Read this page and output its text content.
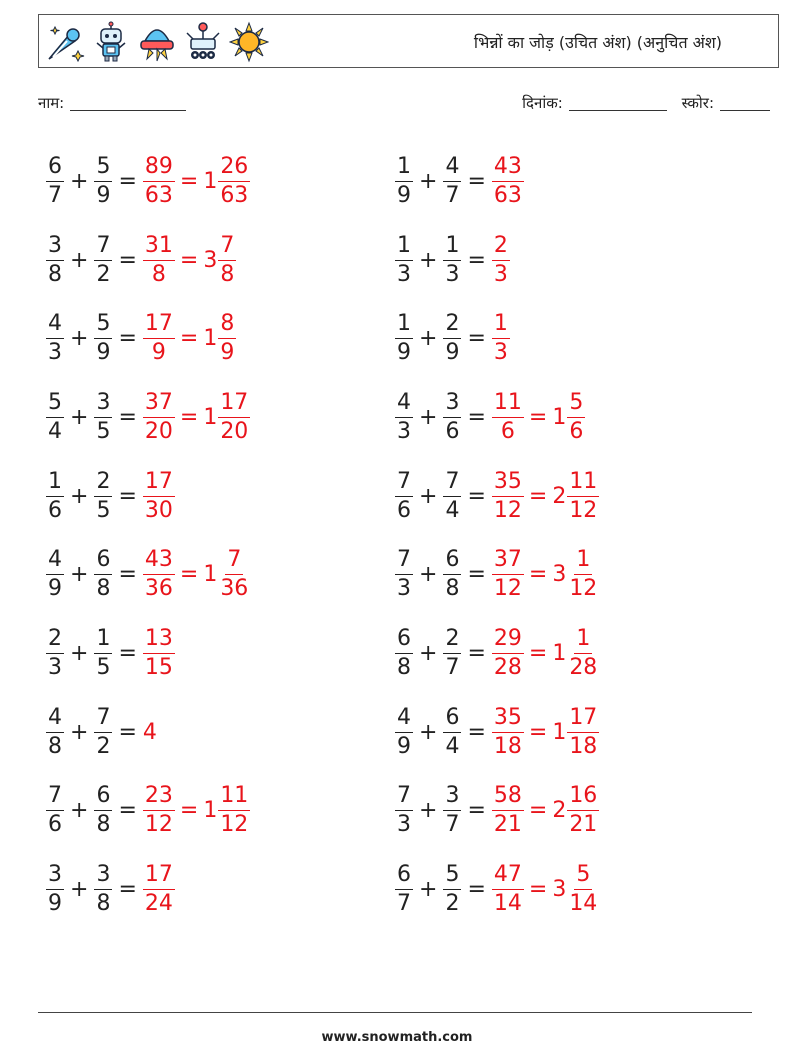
भिन्नों का जोड़ (उचित अंश) (अनुचित अंश)
नाम:	दिनांक:	स्कोर:
$\frac{6}{7} + \frac{5}{9} = \frac{89}{63} = 1 \frac{26}{63}$
$\frac{3}{8} + \frac{7}{2} = \frac{31}{8} = 3 \frac{7}{8}$
$\frac{4}{3} + \frac{5}{9} = \frac{17}{9} = 1 \frac{8}{9}$
$\frac{5}{4} + \frac{3}{5} = \frac{37}{20} = 1 \frac{17}{20}$
$\frac{1}{6} + \frac{2}{5} = \frac{17}{30}$
$\frac{4}{9} + \frac{6}{8} = \frac{43}{36} = 1 \frac{7}{36}$
$\frac{2}{3} + \frac{1}{5} = \frac{13}{15}$
$\frac{4}{8} + \frac{7}{2} = 4$
$\frac{7}{6} + \frac{6}{8} = \frac{23}{12} = 1 \frac{11}{12}$
$\frac{3}{9} + \frac{3}{8} = \frac{17}{24}$
$\frac{1}{9} + \frac{4}{7} = \frac{43}{63}$
$\frac{1}{3} + \frac{1}{3} = \frac{2}{3}$
$\frac{1}{9} + \frac{2}{9} = \frac{1}{3}$
$\frac{4}{3} + \frac{3}{6} = \frac{11}{6} = 1 \frac{5}{6}$
$\frac{7}{6} + \frac{7}{4} = \frac{35}{12} = 2 \frac{11}{12}$
$\frac{7}{3} + \frac{6}{8} = \frac{37}{12} = 3 \frac{1}{12}$
$\frac{6}{8} + \frac{2}{7} = \frac{29}{28} = 1 \frac{1}{28}$
$\frac{4}{9} + \frac{6}{4} = \frac{35}{18} = 1 \frac{17}{18}$
$\frac{7}{3} + \frac{3}{7} = \frac{58}{21} = 2 \frac{16}{21}$
$\frac{6}{7} + \frac{5}{2} = \frac{47}{14} = 3 \frac{5}{14}$
www.snowmath.com
